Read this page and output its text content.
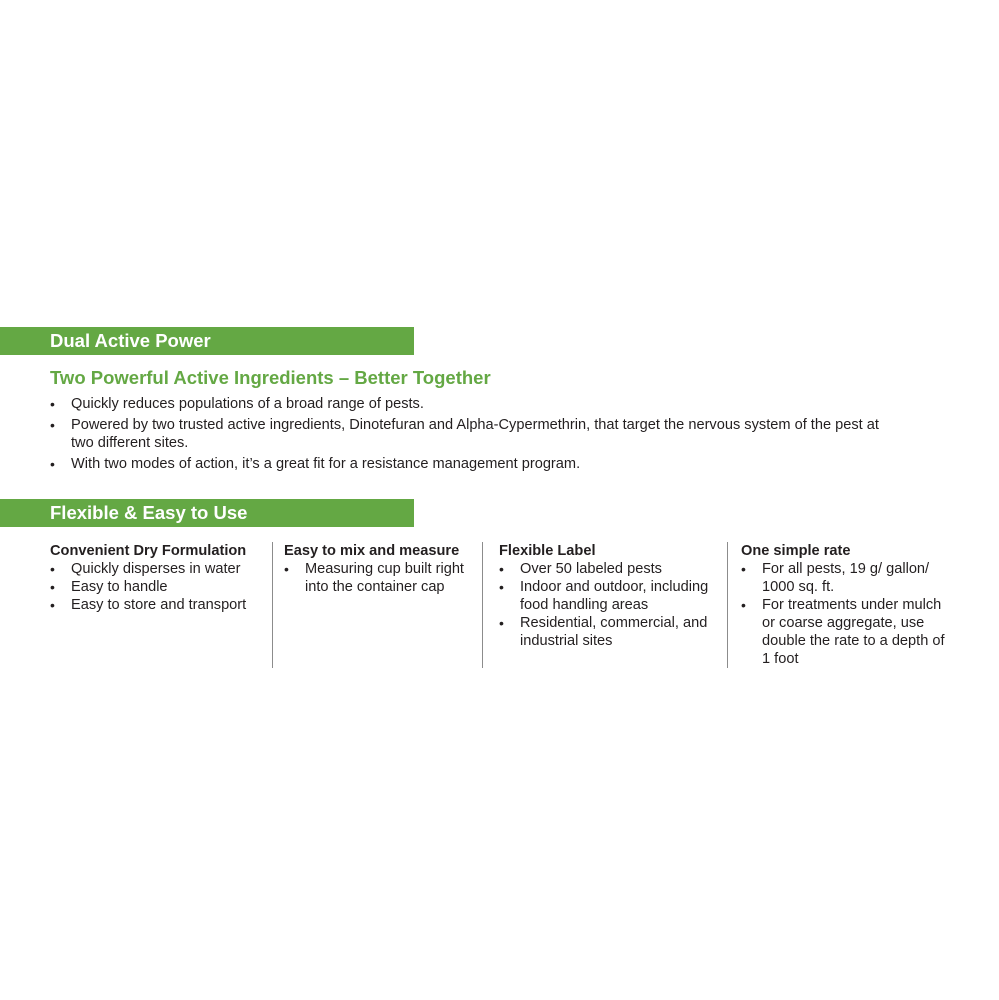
Dual Active Power
Two Powerful Active Ingredients – Better Together
•	Quickly reduces populations of a broad range of pests.
•	Powered by two trusted active ingredients, Dinotefuran and Alpha-Cypermethrin, that target the nervous system of the pest at two different sites.
•	With two modes of action, it’s a great fit for a resistance management program.
Flexible & Easy to Use
Convenient Dry Formulation
•	Quickly disperses in water
•	Easy to handle
•	Easy to store and transport
Easy to mix and measure
•	Measuring cup built right into the container cap
Flexible Label
•	Over 50 labeled pests
•	Indoor and outdoor, including food handling areas
•	Residential, commercial, and industrial sites
One simple rate
•	For all pests, 19 g/ gallon/ 1000 sq. ft.
•	For treatments under mulch or coarse aggregate, use double the rate to a depth of 1 foot
